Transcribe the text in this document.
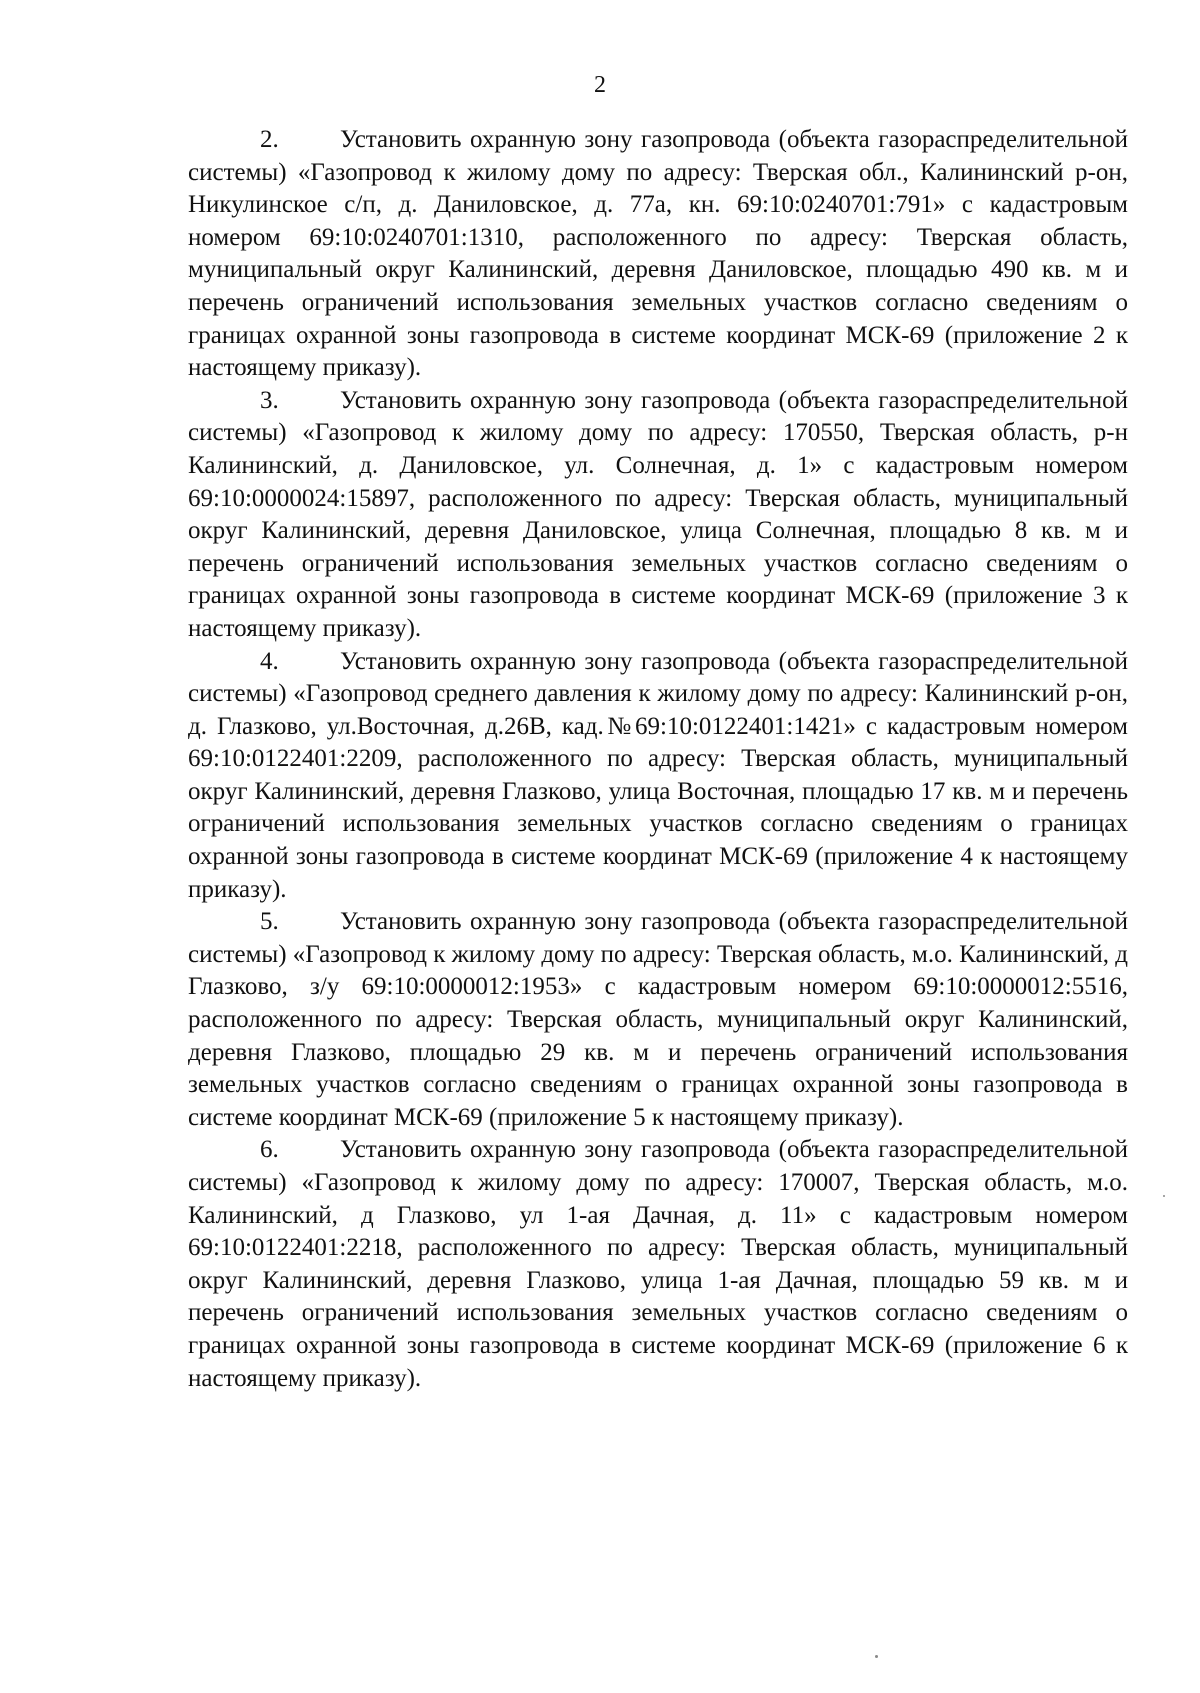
2

2. Установить охранную зону газопровода (объекта газораспределительной системы) «Газопровод к жилому дому по адресу: Тверская обл., Калининский р-он, Никулинское с/п, д. Даниловское, д. 77а, кн. 69:10:0240701:791» с кадастровым номером 69:10:0240701:1310, расположенного по адресу: Тверская область, муниципальный округ Калининский, деревня Даниловское, площадью 490 кв. м и перечень ограничений использования земельных участков согласно сведениям о границах охранной зоны газопровода в системе координат МСК-69 (приложение 2 к настоящему приказу).

3. Установить охранную зону газопровода (объекта газораспределительной системы) «Газопровод к жилому дому по адресу: 170550, Тверская область, р-н Калининский, д. Даниловское, ул. Солнечная, д. 1» с кадастровым номером 69:10:0000024:15897, расположенного по адресу: Тверская область, муниципальный округ Калининский, деревня Даниловское, улица Солнечная, площадью 8 кв. м и перечень ограничений использования земельных участков согласно сведениям о границах охранной зоны газопровода в системе координат МСК-69 (приложение 3 к настоящему приказу).

4. Установить охранную зону газопровода (объекта газораспределительной системы) «Газопровод среднего давления к жилому дому по адресу: Калининский р-он, д. Глазково, ул.Восточная, д.26В, кад.№69:10:0122401:1421» с кадастровым номером 69:10:0122401:2209, расположенного по адресу: Тверская область, муниципальный округ Калининский, деревня Глазково, улица Восточная, площадью 17 кв. м и перечень ограничений использования земельных участков согласно сведениям о границах охранной зоны газопровода в системе координат МСК-69 (приложение 4 к настоящему приказу).

5. Установить охранную зону газопровода (объекта газораспределительной системы) «Газопровод к жилому дому по адресу: Тверская область, м.о. Калининский, д Глазково, з/у 69:10:0000012:1953» с кадастровым номером 69:10:0000012:5516, расположенного по адресу: Тверская область, муниципальный округ Калининский, деревня Глазково, площадью 29 кв. м и перечень ограничений использования земельных участков согласно сведениям о границах охранной зоны газопровода в системе координат МСК-69 (приложение 5 к настоящему приказу).

6. Установить охранную зону газопровода (объекта газораспределительной системы) «Газопровод к жилому дому по адресу: 170007, Тверская область, м.о. Калининский, д Глазково, ул 1-ая Дачная, д. 11» с кадастровым номером 69:10:0122401:2218, расположенного по адресу: Тверская область, муниципальный округ Калининский, деревня Глазково, улица 1-ая Дачная, площадью 59 кв. м и перечень ограничений использования земельных участков согласно сведениям о границах охранной зоны газопровода в системе координат МСК-69 (приложение 6 к настоящему приказу).
